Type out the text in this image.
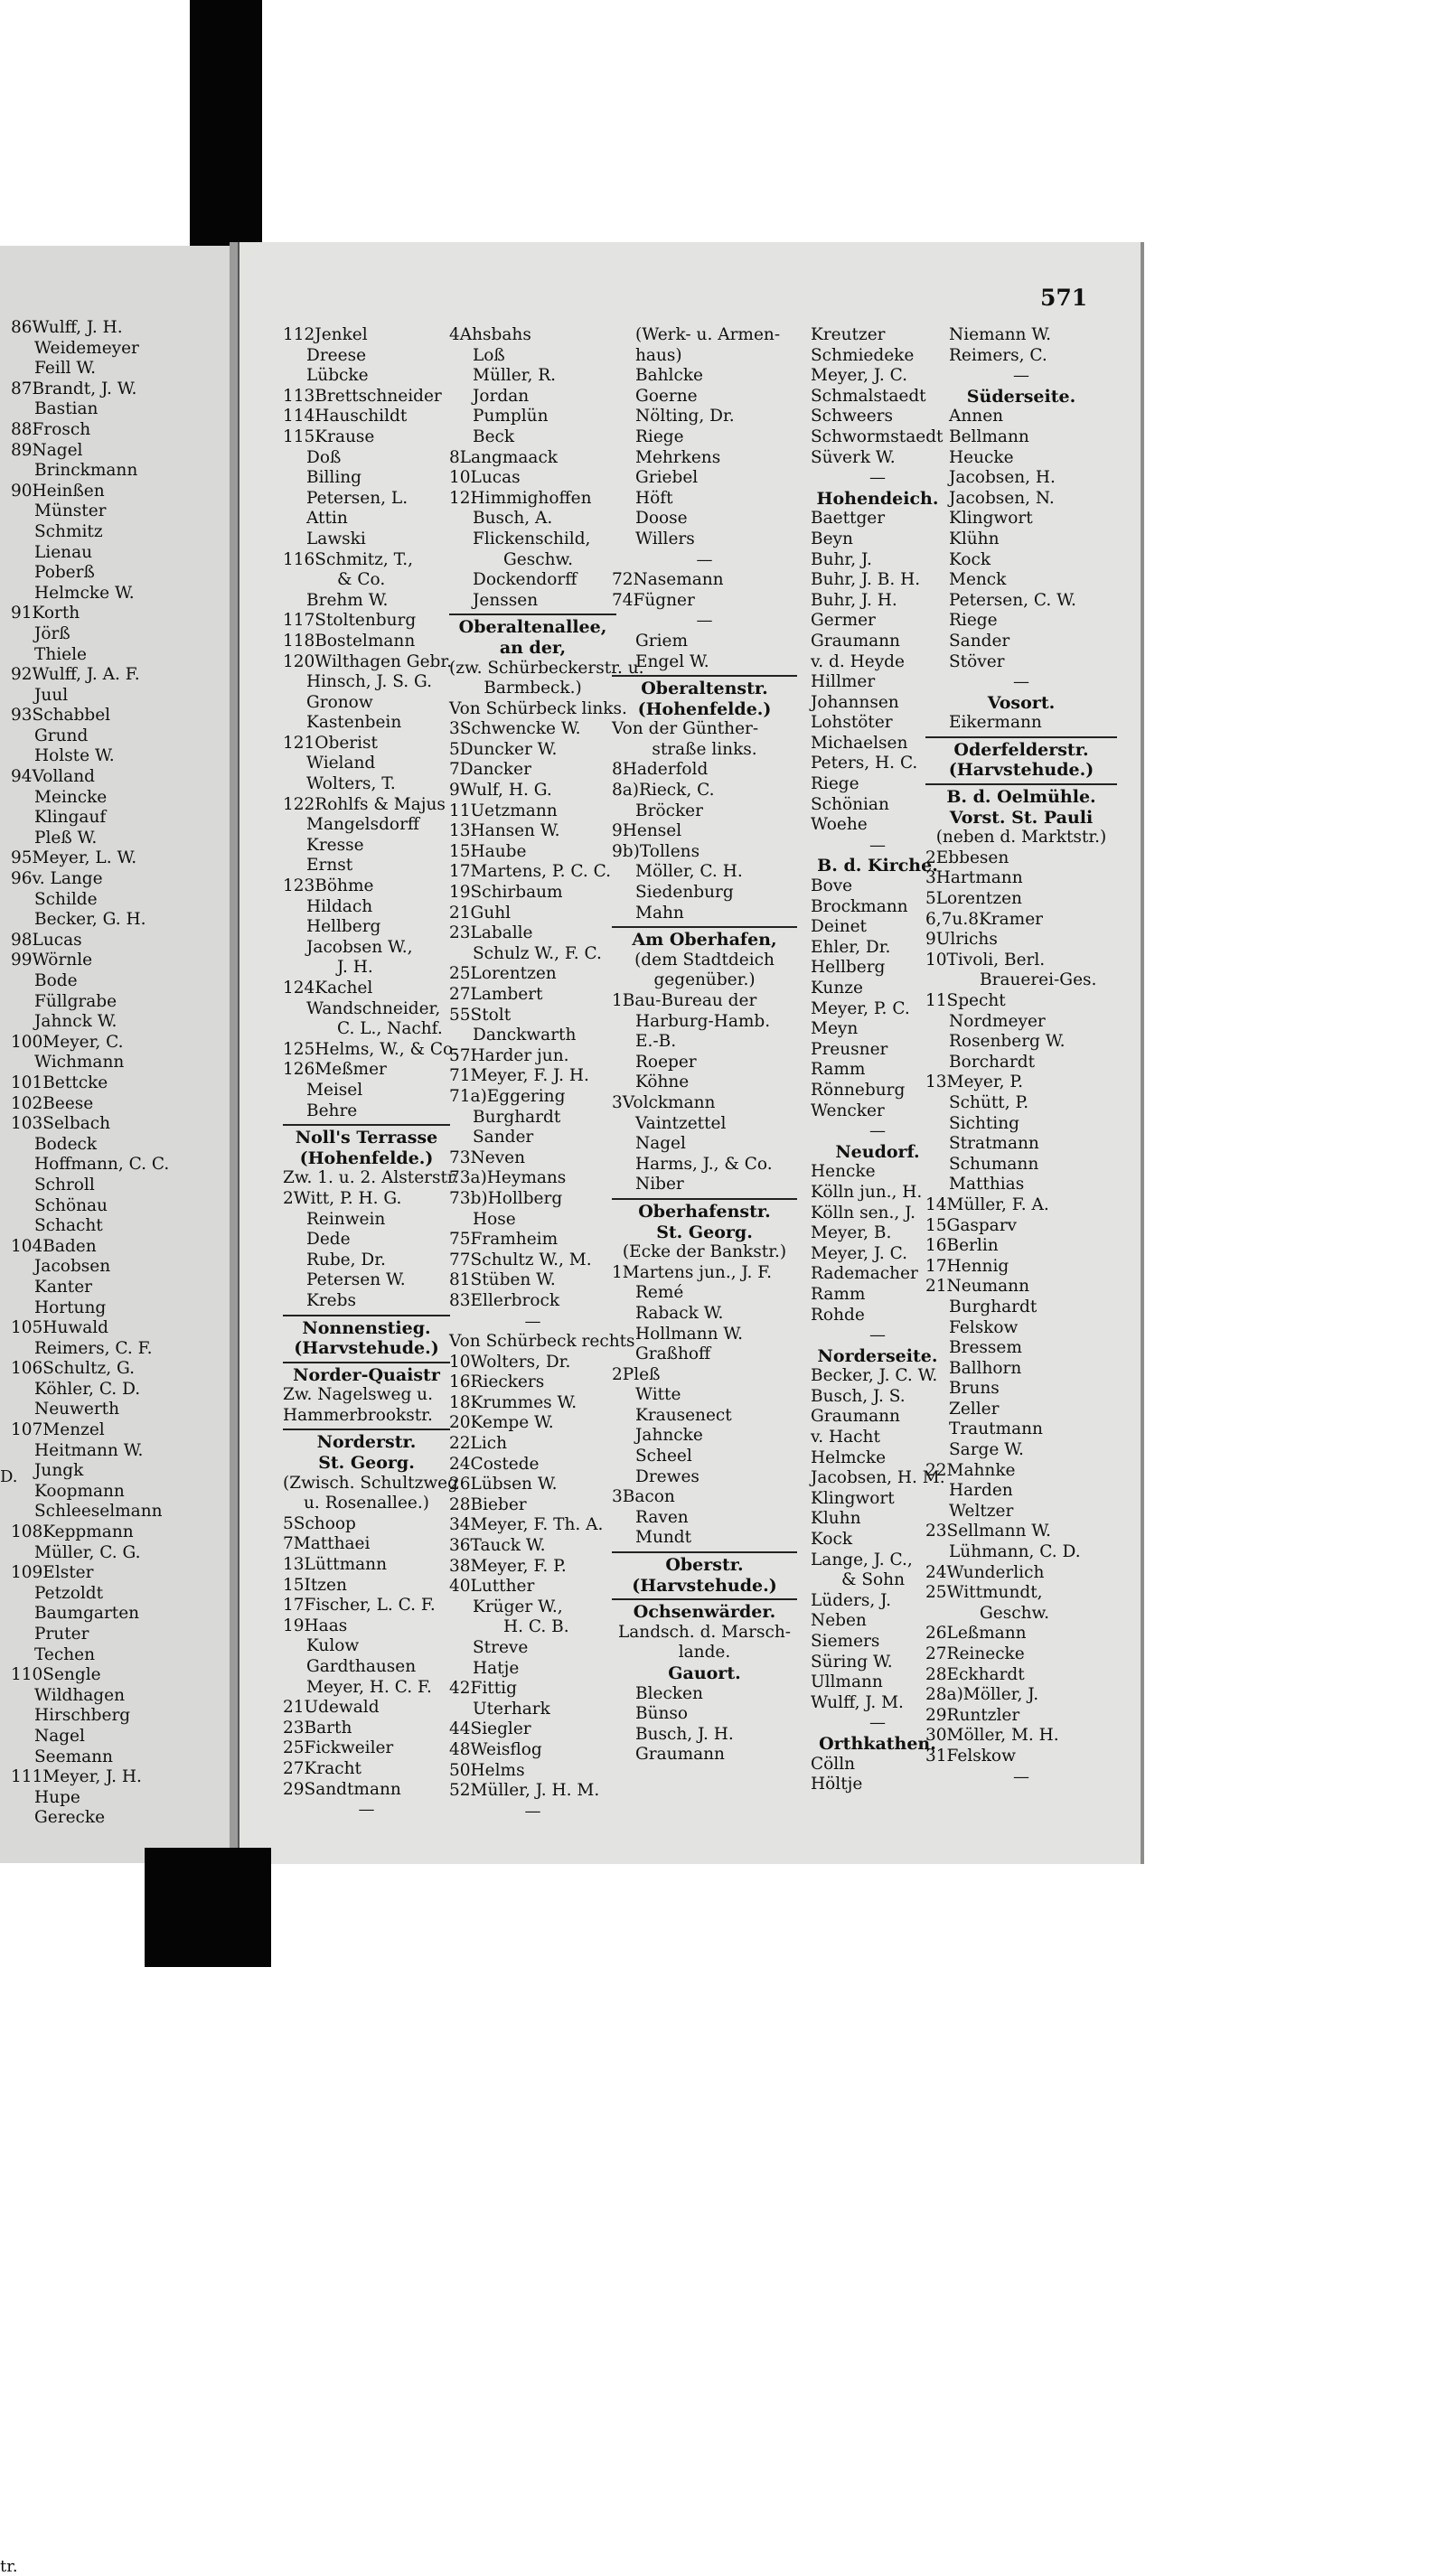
86Wulff, J. H.
Weidemeyer
Feill W.
87Brandt, J. W.
Bastian
88Frosch
89Nagel
Brinckmann
90Heinßen
Münster
Schmitz
Lienau
Poberß
Helmcke W.
91Korth
Jörß
Thiele
92Wulff, J. A. F.
Juul
93Schabbel
Grund
Holste W.
94Volland
Meincke
Klingauf
Pleß W.
95Meyer, L. W.
96v. Lange
Schilde
Becker, G. H.
98Lucas
99Wörnle
Bode
Füllgrabe
Jahnck W.
100Meyer, C.
Wichmann
101Bettcke
102Beese
103Selbach
Bodeck
Hoffmann, C. C.
Schroll
Schönau
Schacht
104Baden
Jacobsen
Kanter
Hortung
105Huwald
Reimers, C. F.
106Schultz, G.
Köhler, C. D.
Neuwerth
107Menzel
Heitmann W.
Jungk
Koopmann
Schleeselmann
108Keppmann
Müller, C. G.
109Elster
Petzoldt
Baumgarten
Pruter
Techen
110Sengle
Wildhagen
Hirschberg
Nagel
Seemann
111Meyer, J. H.
Hupe
Gerecke
D.
tr.
571
112Jenkel
Dreese
Lübcke
113Brettschneider
114Hauschildt
115Krause
Doß
Billing
Petersen, L.
Attin
Lawski
116Schmitz, T.,
& Co.
Brehm W.
117Stoltenburg
118Bostelmann
120Wilthagen Gebr.
Hinsch, J. S. G.
Gronow
Kastenbein
121Oberist
Wieland
Wolters, T.
122Rohlfs & Majus
Mangelsdorff
Kresse
Ernst
123Böhme
Hildach
Hellberg
Jacobsen W.,
J. H.
124Kachel
Wandschneider,
C. L., Nachf.
125Helms, W., & Co.
126Meßmer
Meisel
Behre
Noll's Terrasse
(Hohenfelde.)
Zw. 1. u. 2. Alsterstr.
2Witt, P. H. G.
Reinwein
Dede
Rube, Dr.
Petersen W.
Krebs
Nonnenstieg.
(Harvstehude.)
Norder-Quaistr
Zw. Nagelsweg u.
Hammerbrookstr.
Norderstr.
St. Georg.
(Zwisch. Schultzweg
u. Rosenallee.)
5Schoop
7Matthaei
13Lüttmann
15Itzen
17Fischer, L. C. F.
19Haas
Kulow
Gardthausen
Meyer, H. C. F.
21Udewald
23Barth
25Fickweiler
27Kracht
29Sandtmann
—
4Ahsbahs
Loß
Müller, R.
Jordan
Pumplün
Beck
8Langmaack
10Lucas
12Himmighoffen
Busch, A.
Flickenschild,
Geschw.
Dockendorff
Jenssen
Oberaltenallee,
an der,
(zw. Schürbeckerstr. u.
Barmbeck.)
Von Schürbeck links.
3Schwencke W.
5Duncker W.
7Dancker
9Wulf, H. G.
11Uetzmann
13Hansen W.
15Haube
17Martens, P. C. C.
19Schirbaum
21Guhl
23Laballe
Schulz W., F. C.
25Lorentzen
27Lambert
55Stolt
Danckwarth
57Harder jun.
71Meyer, F. J. H.
71a)Eggering
Burghardt
Sander
73Neven
73a)Heymans
73b)Hollberg
Hose
75Framheim
77Schultz W., M.
81Stüben W.
83Ellerbrock
—
Von Schürbeck rechts
10Wolters, Dr.
16Rieckers
18Krummes W.
20Kempe W.
22Lich
24Costede
26Lübsen W.
28Bieber
34Meyer, F. Th. A.
36Tauck W.
38Meyer, F. P.
40Lutther
Krüger W.,
H. C. B.
Streve
Hatje
42Fittig
Uterhark
44Siegler
48Weisflog
50Helms
52Müller, J. H. M.
—
(Werk- u. Armen-
haus)
Bahlcke
Goerne
Nölting, Dr.
Riege
Mehrkens
Griebel
Höft
Doose
Willers
—
72Nasemann
74Fügner
—
Griem
Engel W.
Oberaltenstr.
(Hohenfelde.)
Von der Günther-
straße links.
8Haderfold
8a)Rieck, C.
Bröcker
9Hensel
9b)Tollens
Möller, C. H.
Siedenburg
Mahn
Am Oberhafen,
(dem Stadtdeich
gegenüber.)
1Bau-Bureau der
Harburg-Hamb.
E.-B.
Roeper
Köhne
3Volckmann
Vaintzettel
Nagel
Harms, J., & Co.
Niber
Oberhafenstr.
St. Georg.
(Ecke der Bankstr.)
1Martens jun., J. F.
Remé
Raback W.
Hollmann W.
Graßhoff
2Pleß
Witte
Krausenect
Jahncke
Scheel
Drewes
3Bacon
Raven
Mundt
Oberstr.
(Harvstehude.)
Ochsenwärder.
Landsch. d. Marsch-
lande.
Gauort.
Blecken
Bünso
Busch, J. H.
Graumann
Kreutzer
Schmiedeke
Meyer, J. C.
Schmalstaedt
Schweers
Schwormstaedt
Süverk W.
—
Hohendeich.
Baettger
Beyn
Buhr, J.
Buhr, J. B. H.
Buhr, J. H.
Germer
Graumann
v. d. Heyde
Hillmer
Johannsen
Lohstöter
Michaelsen
Peters, H. C.
Riege
Schönian
Woehe
—
B. d. Kirche.
Bove
Brockmann
Deinet
Ehler, Dr.
Hellberg
Kunze
Meyer, P. C.
Meyn
Preusner
Ramm
Rönneburg
Wencker
—
Neudorf.
Hencke
Kölln jun., H.
Kölln sen., J.
Meyer, B.
Meyer, J. C.
Rademacher
Ramm
Rohde
—
Norderseite.
Becker, J. C. W.
Busch, J. S.
Graumann
v. Hacht
Helmcke
Jacobsen, H. M.
Klingwort
Kluhn
Kock
Lange, J. C.,
& Sohn
Lüders, J.
Neben
Siemers
Süring W.
Ullmann
Wulff, J. M.
—
Orthkathen.
Cölln
Höltje
Niemann W.
Reimers, C.
—
Süderseite.
Annen
Bellmann
Heucke
Jacobsen, H.
Jacobsen, N.
Klingwort
Klühn
Kock
Menck
Petersen, C. W.
Riege
Sander
Stöver
—
Vosort.
Eikermann
Oderfelderstr.
(Harvstehude.)
B. d. Oelmühle.
Vorst. St. Pauli
(neben d. Marktstr.)
2Ebbesen
3Hartmann
5Lorentzen
6,7u.8Kramer
9Ulrichs
10Tivoli, Berl.
Brauerei-Ges.
11Specht
Nordmeyer
Rosenberg W.
Borchardt
13Meyer, P.
Schütt, P.
Sichting
Stratmann
Schumann
Matthias
14Müller, F. A.
15Gasparv
16Berlin
17Hennig
21Neumann
Burghardt
Felskow
Bressem
Ballhorn
Bruns
Zeller
Trautmann
Sarge W.
22Mahnke
Harden
Weltzer
23Sellmann W.
Lühmann, C. D.
24Wunderlich
25Wittmundt,
Geschw.
26Leßmann
27Reinecke
28Eckhardt
28a)Möller, J.
29Runtzler
30Möller, M. H.
31Felskow
—
